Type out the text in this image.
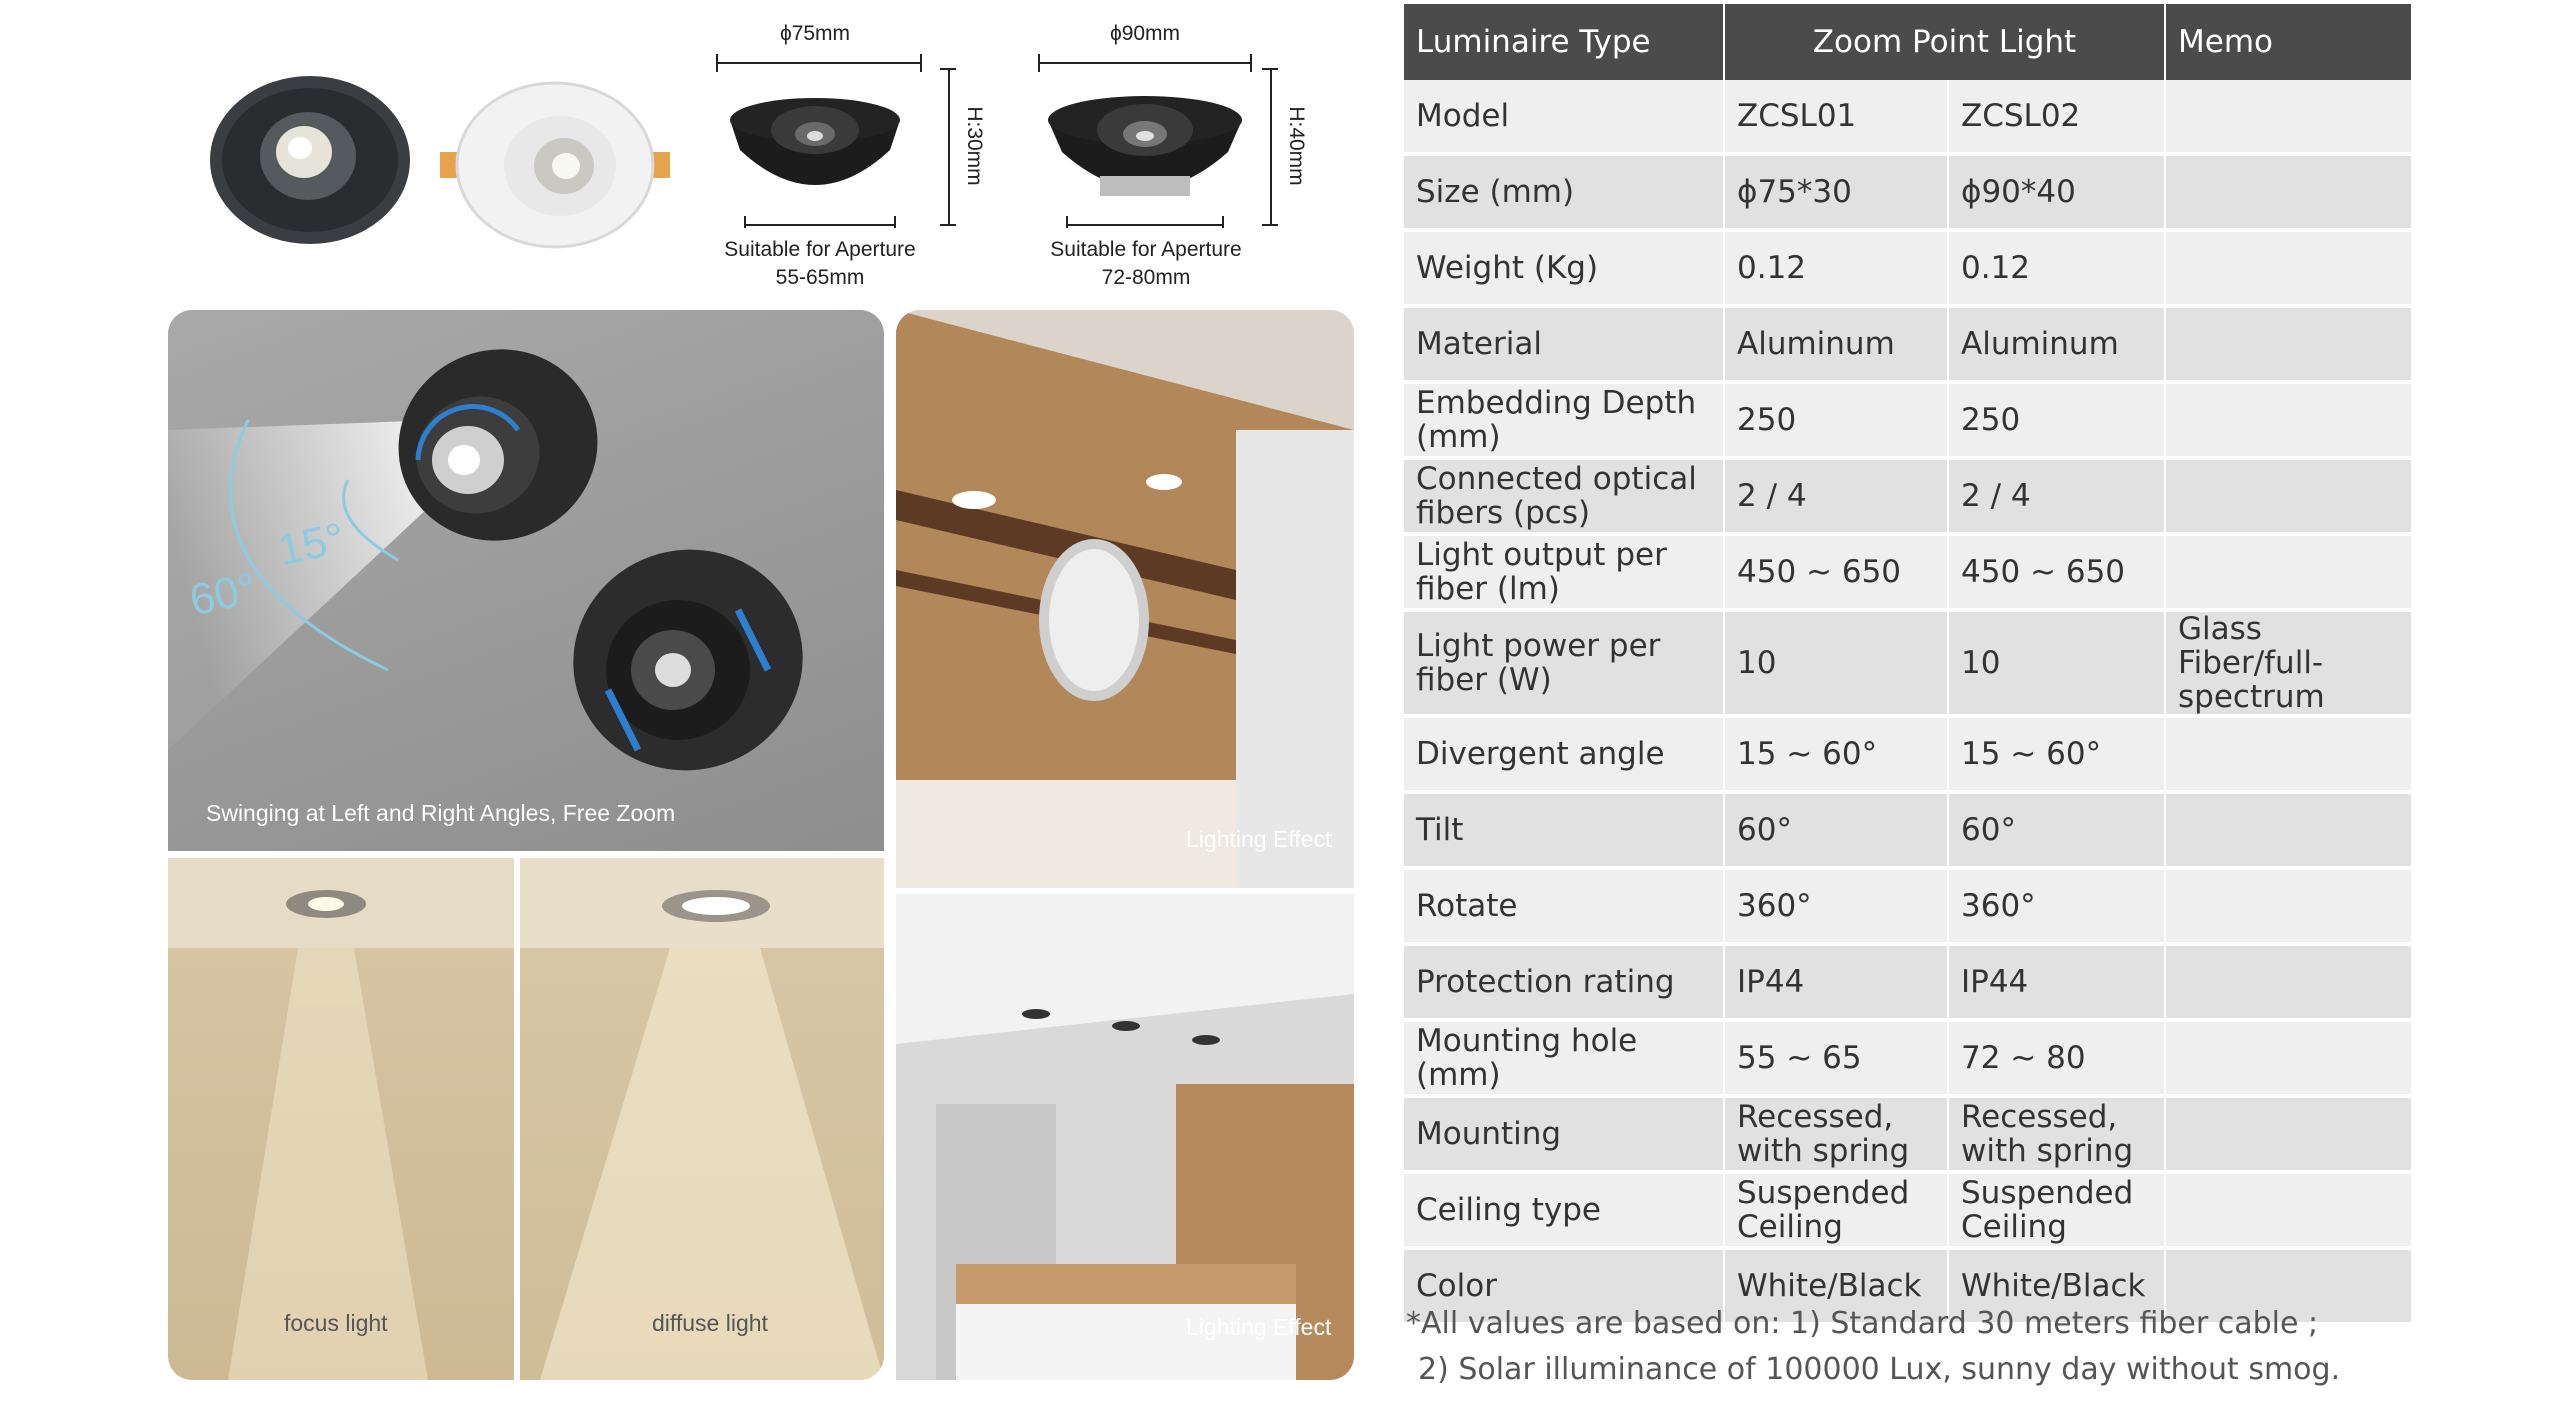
ϕ75mm
H:30mm
Suitable for Aperture
55-65mm
ϕ90mm
H:40mm
Suitable for Aperture
72-80mm
15°
60°
Swinging at Left and Right Angles, Free Zoom
focus light	diffuse light
Lighting Effect
Lighting Effect
Luminaire Type	Zoom Point Light		Memo
Model	ZCSL01	ZCSL02	
Size (mm)	ϕ75*30	ϕ90*40	
Weight (Kg)	0.12	0.12	
Material	Aluminum	Aluminum	
Embedding Depth (mm)	250	250	
Connected optical fibers (pcs)	2 / 4	2 / 4	
Light output per fiber (lm)	450 ~ 650	450 ~ 650	
Light power per fiber (W)	10	10	Glass Fiber/full-spectrum
Divergent angle	15 ~ 60°	15 ~ 60°	
Tilt	60°	60°	
Rotate	360°	360°	
Protection rating	IP44	IP44	
Mounting hole (mm)	55 ~ 65	72 ~ 80	
Mounting	Recessed, with spring	Recessed, with spring	
Ceiling type	Suspended Ceiling	Suspended Ceiling	
Color	White/Black	White/Black	
*All values are based on: 1) Standard 30 meters fiber cable ;
2) Solar illuminance of 100000 Lux, sunny day without smog.
